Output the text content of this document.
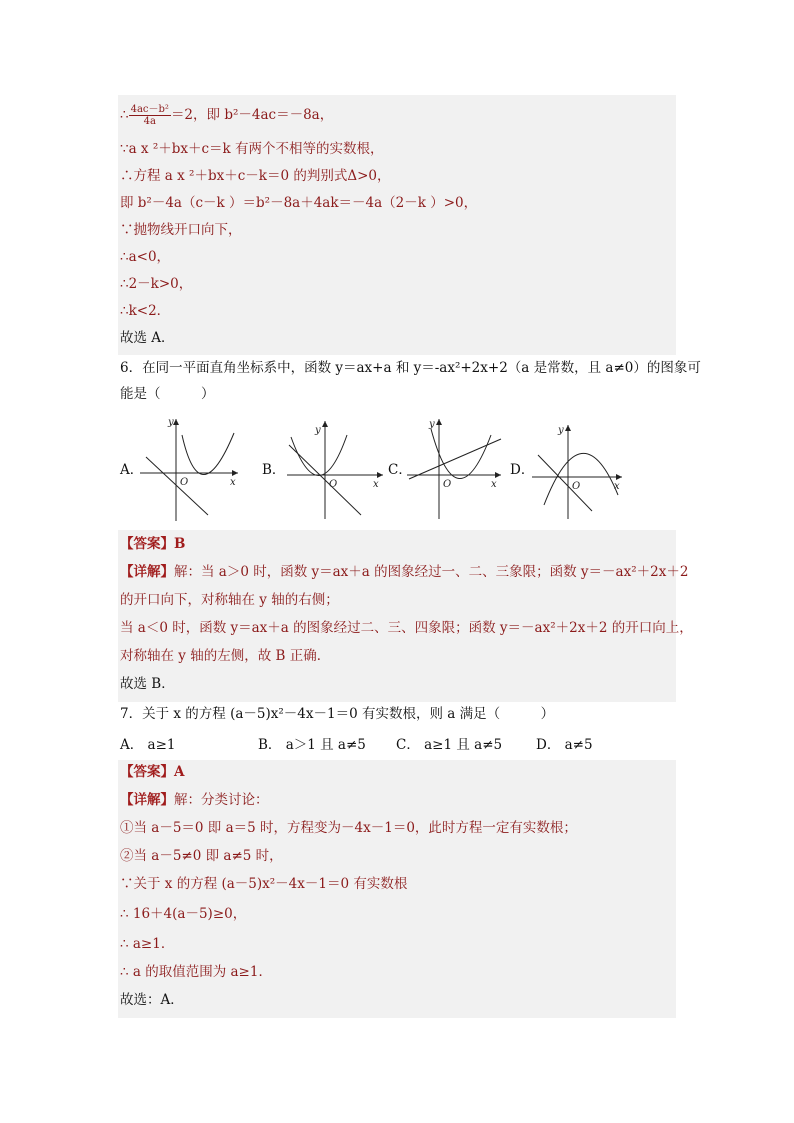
∴ $\frac{\text{4ac－b²}}{4a} =2$，即 b²－4ac＝－8a，
∵a x ²＋bx＋c＝k 有两个不相等的实数根，
∴方程 a x ²＋bx＋c－k＝0 的判别式Δ>0，
即 b²－4a（c－k ）＝b²－8a＋4ak＝－4a（2－k ）>0，
∵抛物线开口向下，
∴a<0，
∴2－k>0，
∴k<2．
故选 A．
6．在同一平面直角坐标系中，函数 y＝ax+a 和 y＝-ax²+2x+2（a 是常数，且 a≠0）的图象可
能是（　　　）
A．
y
x
O
B．
y
x
O
C．
y
x
O
D．
y
x
O
【答案】B
【详解】解：当 a＞0 时，函数 y＝ax＋a 的图象经过一、二、三象限；函数 y＝－ax²＋2x＋2
的开口向下，对称轴在 y 轴的右侧；
当 a＜0 时，函数 y＝ax＋a 的图象经过二、三、四象限；函数 y＝－ax²＋2x＋2 的开口向上，
对称轴在 y 轴的左侧，故 B 正确．
故选 B．
7．关于 x 的方程 (a－5)x²－4x－1＝0 有实数根，则 a 满足（　　　）
A． a≥1	B． a＞1 且 a≠5 C． a≥1 且 a≠5	D． a≠5
【答案】A
【详解】解：分类讨论：
①当 a－5＝0 即 a＝5 时，方程变为－4x－1＝0，此时方程一定有实数根；
②当 a－5≠0 即 a≠5 时，
∵关于 x 的方程 (a－5)x²－4x－1＝0 有实数根
∴ 16＋4(a－5)≥0，
∴ a≥1．
∴ a 的取值范围为 a≥1．
故选：A．
